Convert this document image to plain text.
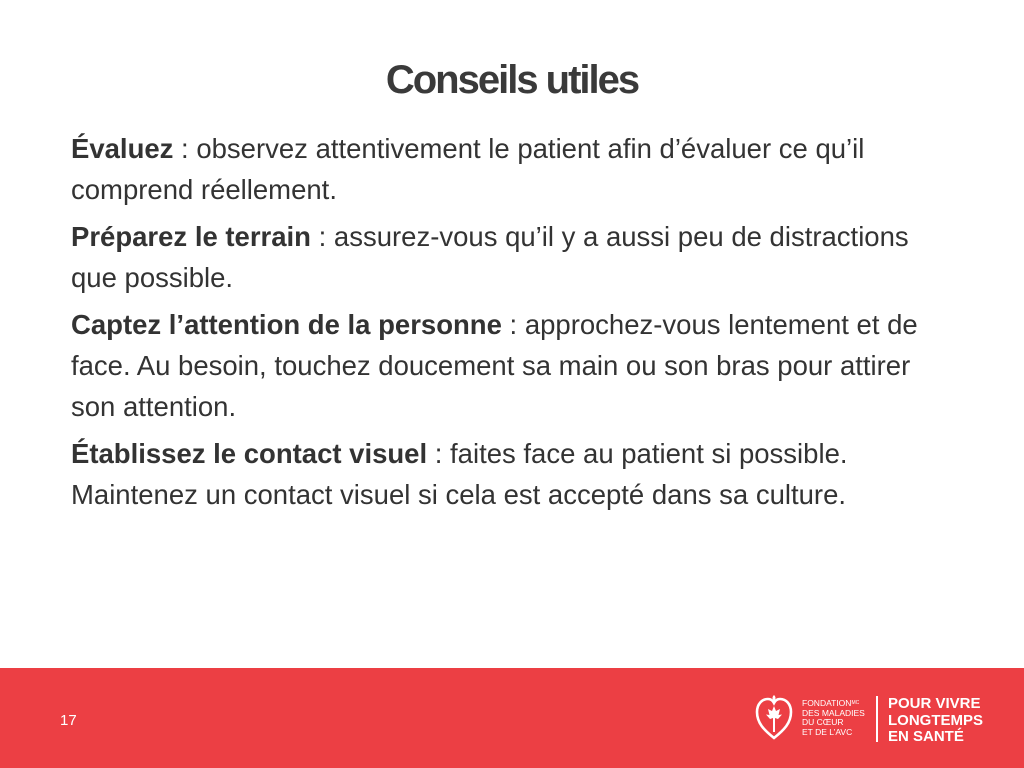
Conseils utiles

Évaluez : observez attentivement le patient afin d’évaluer ce qu’il comprend réellement.

Préparez le terrain : assurez-vous qu’il y a aussi peu de distractions que possible.

Captez l’attention de la personne : approchez-vous lentement et de face. Au besoin, touchez doucement sa main ou son bras pour attirer son attention.

Établissez le contact visuel : faites face au patient si possible. Maintenez un contact visuel si cela est accepté dans sa culture.

17
$FONDATION^{MC}$
DES MALADIES
DU CŒUR
ET DE L’AVC
POUR VIVRE
LONGTEMPS
EN SANTÉ
